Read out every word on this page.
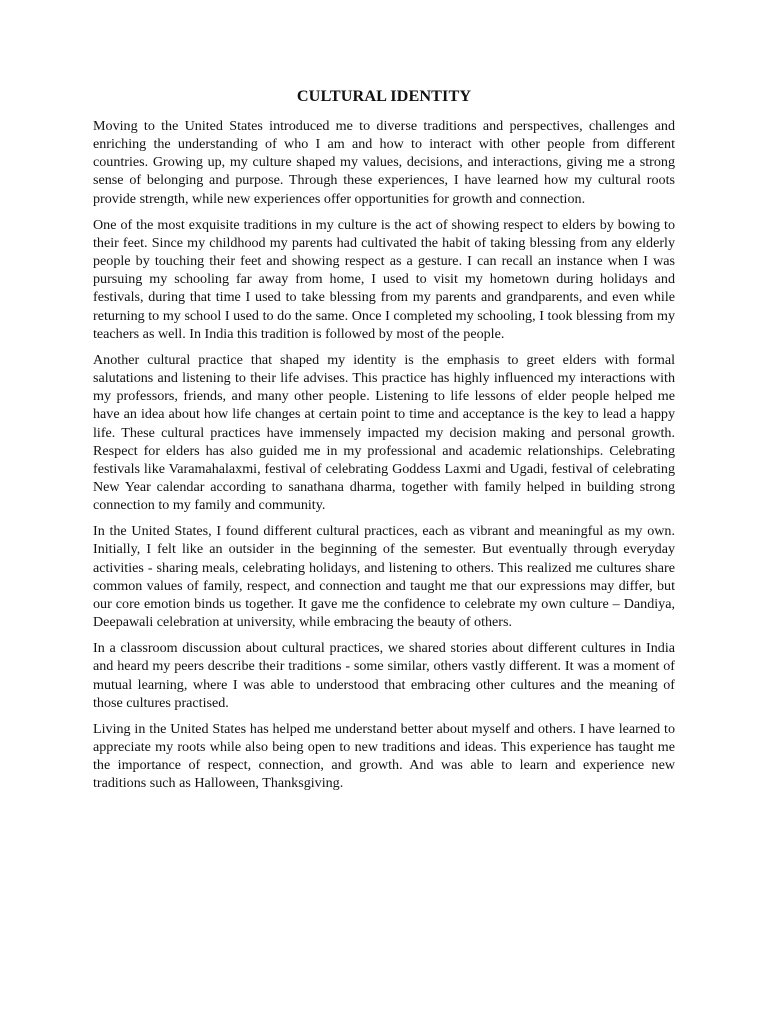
CULTURAL IDENTITY

Moving to the United States introduced me to diverse traditions and perspectives, challenges and enriching the understanding of who I am and how to interact with other people from different countries. Growing up, my culture shaped my values, decisions, and interactions, giving me a strong sense of belonging and purpose. Through these experiences, I have learned how my cultural roots provide strength, while new experiences offer opportunities for growth and connection.

One of the most exquisite traditions in my culture is the act of showing respect to elders by bowing to their feet. Since my childhood my parents had cultivated the habit of taking blessing from any elderly people by touching their feet and showing respect as a gesture. I can recall an instance when I was pursuing my schooling far away from home, I used to visit my hometown during holidays and festivals, during that time I used to take blessing from my parents and grandparents, and even while returning to my school I used to do the same. Once I completed my schooling, I took blessing from my teachers as well. In India this tradition is followed by most of the people.

Another cultural practice that shaped my identity is the emphasis to greet elders with formal salutations and listening to their life advises. This practice has highly influenced my interactions with my professors, friends, and many other people. Listening to life lessons of elder people helped me have an idea about how life changes at certain point to time and acceptance is the key to lead a happy life. These cultural practices have immensely impacted my decision making and personal growth. Respect for elders has also guided me in my professional and academic relationships. Celebrating festivals like Varamahalaxmi, festival of celebrating Goddess Laxmi and Ugadi, festival of celebrating New Year calendar according to sanathana dharma, together with family helped in building strong connection to my family and community.

In the United States, I found different cultural practices, each as vibrant and meaningful as my own. Initially, I felt like an outsider in the beginning of the semester. But eventually through everyday activities - sharing meals, celebrating holidays, and listening to others. This realized me cultures share common values of family, respect, and connection and taught me that our expressions may differ, but our core emotion binds us together. It gave me the confidence to celebrate my own culture – Dandiya, Deepawali celebration at university, while embracing the beauty of others.

In a classroom discussion about cultural practices, we shared stories about different cultures in India and heard my peers describe their traditions - some similar, others vastly different. It was a moment of mutual learning, where I was able to understood that embracing other cultures and the meaning of those cultures practised.

Living in the United States has helped me understand better about myself and others. I have learned to appreciate my roots while also being open to new traditions and ideas. This experience has taught me the importance of respect, connection, and growth. And was able to learn and experience new traditions such as Halloween, Thanksgiving.
